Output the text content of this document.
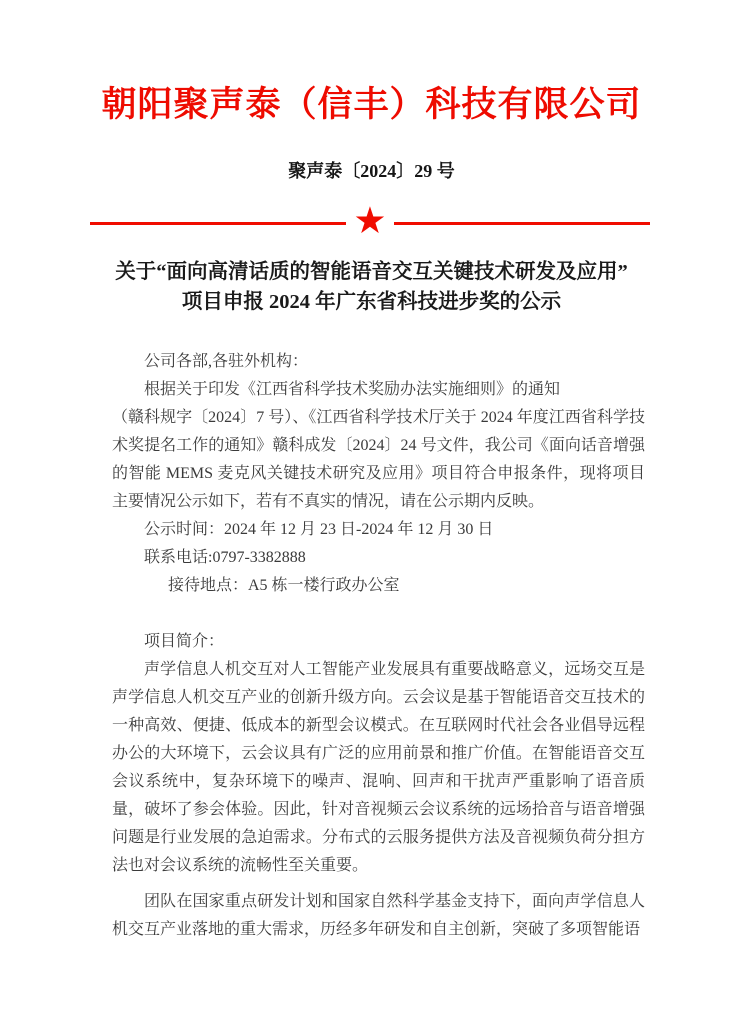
朝阳聚声泰（信丰）科技有限公司
聚声泰〔2024〕29 号
★
关于“面向高清话质的智能语音交互关键技术研发及应用”
项目申报 2024 年广东省科技进步奖的公示

公司各部,各驻外机构：

根据关于印发《江西省科学技术奖励办法实施细则》的通知

（赣科规字〔2024〕7 号）、《江西省科学技术厅关于 2024 年度江西省科学技术奖提名工作的通知》赣科成发〔2024〕24 号文件，我公司《面向话音增强的智能 MEMS 麦克风关键技术研究及应用》项目符合申报条件，现将项目主要情况公示如下，若有不真实的情况，请在公示期内反映。

公示时间：2024 年 12 月 23 日-2024 年 12 月 30 日

联系电话:0797-3382888

接待地点：A5 栋一楼行政办公室

项目简介：

声学信息人机交互对人工智能产业发展具有重要战略意义，远场交互是声学信息人机交互产业的创新升级方向。云会议是基于智能语音交互技术的一种高效、便捷、低成本的新型会议模式。在互联网时代社会各业倡导远程办公的大环境下，云会议具有广泛的应用前景和推广价值。在智能语音交互会议系统中，复杂环境下的噪声、混响、回声和干扰声严重影响了语音质量，破坏了参会体验。因此，针对音视频云会议系统的远场拾音与语音增强问题是行业发展的急迫需求。分布式的云服务提供方法及音视频负荷分担方法也对会议系统的流畅性至关重要。

团队在国家重点研发计划和国家自然科学基金支持下，面向声学信息人机交互产业落地的重大需求，历经多年研发和自主创新，突破了多项智能语
